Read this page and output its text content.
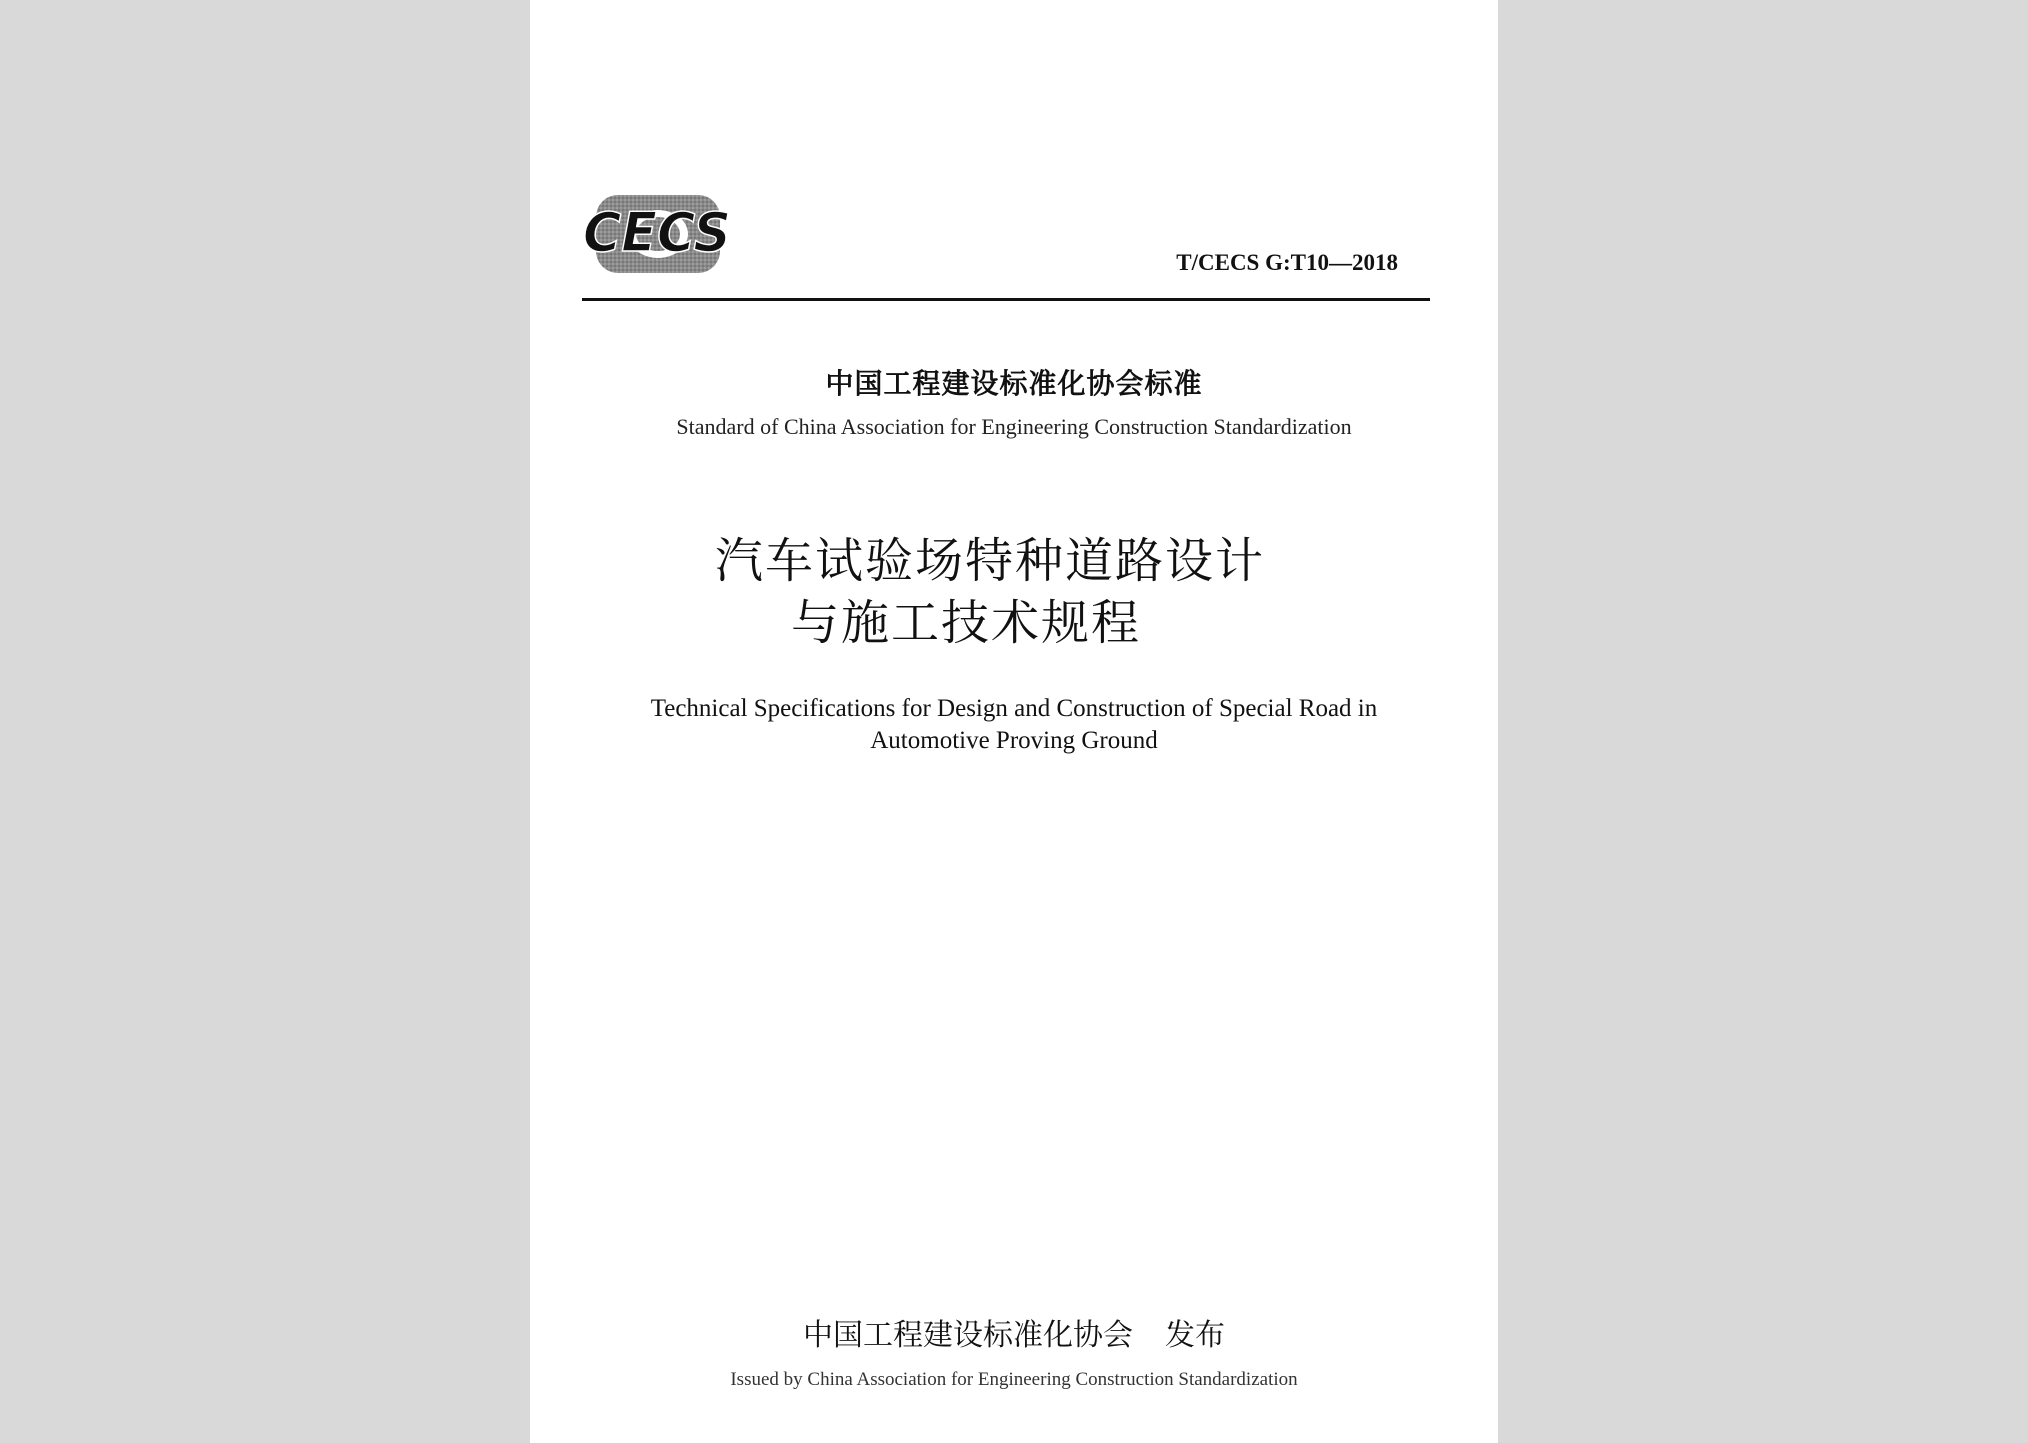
CECS	T/CECS G:T10—2018
中国工程建设标准化协会标准
Standard of China Association for Engineering Construction Standardization
汽车试验场特种道路设计
与施工技术规程
Technical Specifications for Design and Construction of Special Road in
Automotive Proving Ground
中国工程建设标准化协会 发布
Issued by China Association for Engineering Construction Standardization
